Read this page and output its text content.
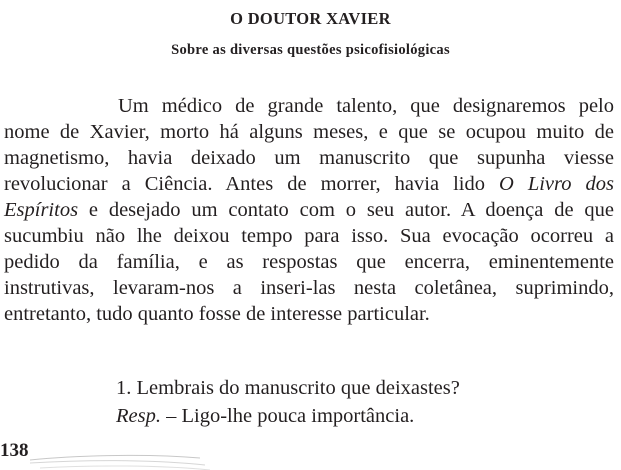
O DOUTOR XAVIER
Sobre as diversas questões psicofisiológicas
Um médico de grande talento, que designaremos pelo
nome de Xavier, morto há alguns meses, e que se ocupou muito de
magnetismo, havia deixado um manuscrito que supunha viesse
revolucionar a Ciência. Antes de morrer, havia lido O Livro dos
Espíritos e desejado um contato com o seu autor. A doença de que
sucumbiu não lhe deixou tempo para isso. Sua evocação ocorreu a
pedido da família, e as respostas que encerra, eminentemente
instrutivas, levaram-nos a inseri-las nesta coletânea, suprimindo,
entretanto, tudo quanto fosse de interesse particular.
1. Lembrais do manuscrito que deixastes?
Resp. – Ligo-lhe pouca importância.
138
